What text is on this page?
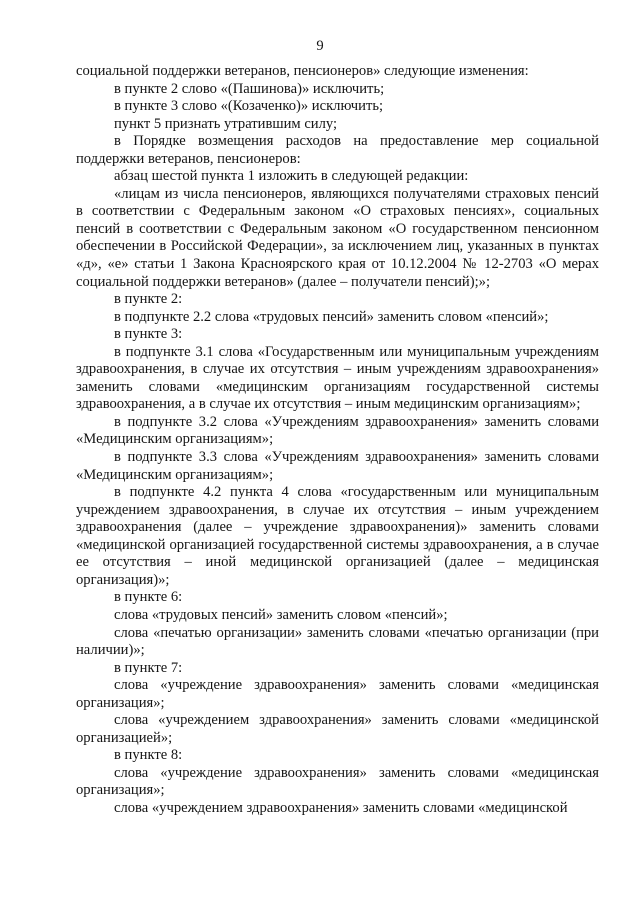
9

социальной поддержки ветеранов, пенсионеров» следующие изменения:

в пункте 2 слово «(Пашинова)» исключить;

в пункте 3 слово «(Козаченко)» исключить;

пункт 5 признать утратившим силу;

в Порядке возмещения расходов на предоставление мер социальной поддержки ветеранов, пенсионеров:

абзац шестой пункта 1 изложить в следующей редакции:

«лицам из числа пенсионеров, являющихся получателями страховых пенсий в соответствии с Федеральным законом «О страховых пенсиях», социальных пенсий в соответствии с Федеральным законом «О государственном пенсионном обеспечении в Российской Федерации», за исключением лиц, указанных в пунктах «д», «е» статьи 1 Закона Красноярского края от 10.12.2004 № 12-2703 «О мерах социальной поддержки ветеранов» (далее – получатели пенсий);»;

в пункте 2:

в подпункте 2.2 слова «трудовых пенсий» заменить словом «пенсий»;

в пункте 3:

в подпункте 3.1 слова «Государственным или муниципальным учреждениям здравоохранения, в случае их отсутствия – иным учреждениям здравоохранения» заменить словами «медицинским организациям государственной системы здравоохранения, а в случае их отсутствия – иным медицинским организациям»;

в подпункте 3.2 слова «Учреждениям здравоохранения» заменить словами «Медицинским организациям»;

в подпункте 3.3 слова «Учреждениям здравоохранения» заменить словами «Медицинским организациям»;

в подпункте 4.2 пункта 4 слова «государственным или муниципальным учреждением здравоохранения, в случае их отсутствия – иным учреждением здравоохранения (далее – учреждение здравоохранения)» заменить словами «медицинской организацией государственной системы здравоохранения, а в случае ее отсутствия – иной медицинской организацией (далее – медицинская организация)»;

в пункте 6:

слова «трудовых пенсий» заменить словом «пенсий»;

слова «печатью организации» заменить словами «печатью организации (при наличии)»;

в пункте 7:

слова «учреждение здравоохранения» заменить словами «медицинская организация»;

слова «учреждением здравоохранения» заменить словами «медицинской организацией»;

в пункте 8:

слова «учреждение здравоохранения» заменить словами «медицинская организация»;

слова «учреждением здравоохранения» заменить словами «медицинской
